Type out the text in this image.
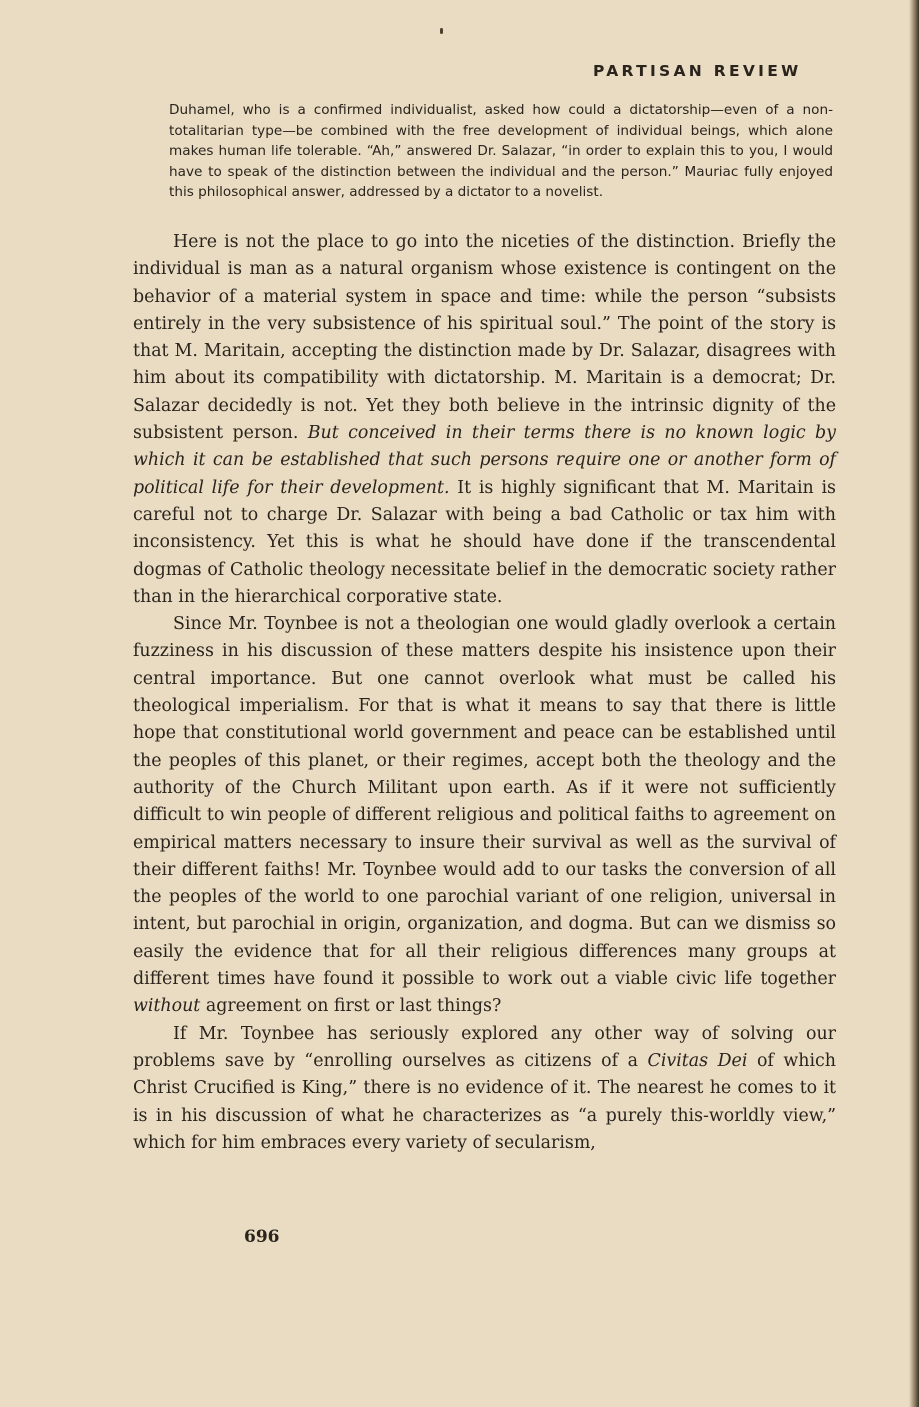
PARTISAN REVIEW
Duhamel, who is a confirmed individualist, asked how could a dictatorship—even of a non-totalitarian type—be combined with the free development of individual beings, which alone makes human life tolerable. “Ah,” answered Dr. Salazar, “in order to explain this to you, I would have to speak of the distinction between the individual and the person.” Mauriac fully enjoyed this philosophical answer, addressed by a dictator to a novelist.

Here is not the place to go into the niceties of the distinction. Briefly the individual is man as a natural organism whose existence is contingent on the behavior of a material system in space and time: while the person “subsists entirely in the very subsistence of his spiritual soul.” The point of the story is that M. Maritain, accepting the distinction made by Dr. Salazar, disagrees with him about its compatibility with dictatorship. M. Maritain is a democrat; Dr. Salazar decidedly is not. Yet they both believe in the intrinsic dignity of the subsistent person. But conceived in their terms there is no known logic by which it can be established that such persons require one or another form of political life for their development. It is highly significant that M. Maritain is careful not to charge Dr. Salazar with being a bad Catholic or tax him with inconsistency. Yet this is what he should have done if the transcendental dogmas of Catholic theology necessitate belief in the democratic society rather than in the hierarchical corporative state.

Since Mr. Toynbee is not a theologian one would gladly overlook a certain fuzziness in his discussion of these matters despite his insistence upon their central importance. But one cannot overlook what must be called his theological imperialism. For that is what it means to say that there is little hope that constitutional world government and peace can be established until the peoples of this planet, or their regimes, accept both the theology and the authority of the Church Militant upon earth. As if it were not sufficiently difficult to win people of different religious and political faiths to agreement on empirical matters necessary to insure their survival as well as the survival of their different faiths! Mr. Toynbee would add to our tasks the conversion of all the peoples of the world to one parochial variant of one religion, universal in intent, but parochial in origin, organization, and dogma. But can we dismiss so easily the evidence that for all their religious differences many groups at different times have found it possible to work out a viable civic life together without agreement on first or last things?

If Mr. Toynbee has seriously explored any other way of solving our problems save by “enrolling ourselves as citizens of a Civitas Dei of which Christ Crucified is King,” there is no evidence of it. The nearest he comes to it is in his discussion of what he characterizes as “a purely this-worldly view,” which for him embraces every variety of secularism,

696
